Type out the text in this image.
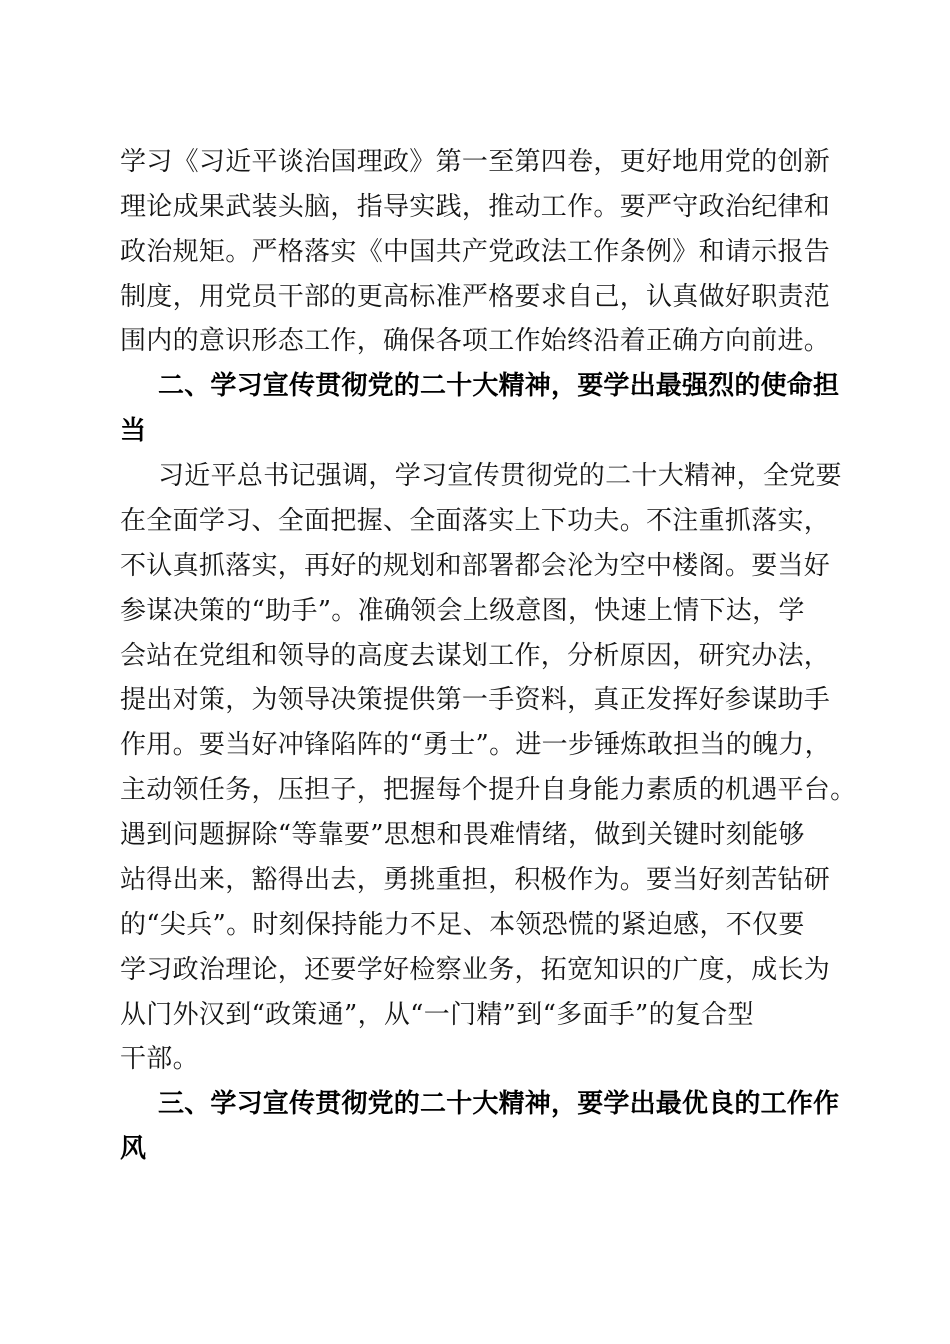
学习《习近平谈治国理政》第一至第四卷，更好地用党的创新
理论成果武装头脑，指导实践，推动工作。要严守政治纪律和
政治规矩。严格落实《中国共产党政法工作条例》和请示报告
制度，用党员干部的更高标准严格要求自己，认真做好职责范
围内的意识形态工作，确保各项工作始终沿着正确方向前进。
二、学习宣传贯彻党的二十大精神，要学出最强烈的使命担
当
习近平总书记强调，学习宣传贯彻党的二十大精神，全党要
在全面学习、全面把握、全面落实上下功夫。不注重抓落实，
不认真抓落实，再好的规划和部署都会沦为空中楼阁。要当好
参谋决策的“助手”。准确领会上级意图，快速上情下达，学
会站在党组和领导的高度去谋划工作，分析原因，研究办法，
提出对策，为领导决策提供第一手资料，真正发挥好参谋助手
作用。要当好冲锋陷阵的“勇士”。进一步锤炼敢担当的魄力，
主动领任务，压担子，把握每个提升自身能力素质的机遇平台。
遇到问题摒除“等靠要”思想和畏难情绪，做到关键时刻能够
站得出来，豁得出去，勇挑重担，积极作为。要当好刻苦钻研
的“尖兵”。时刻保持能力不足、本领恐慌的紧迫感，不仅要
学习政治理论，还要学好检察业务，拓宽知识的广度，成长为
从门外汉到“政策通”，从“一门精”到“多面手”的复合型
干部。
三、学习宣传贯彻党的二十大精神，要学出最优良的工作作
风
